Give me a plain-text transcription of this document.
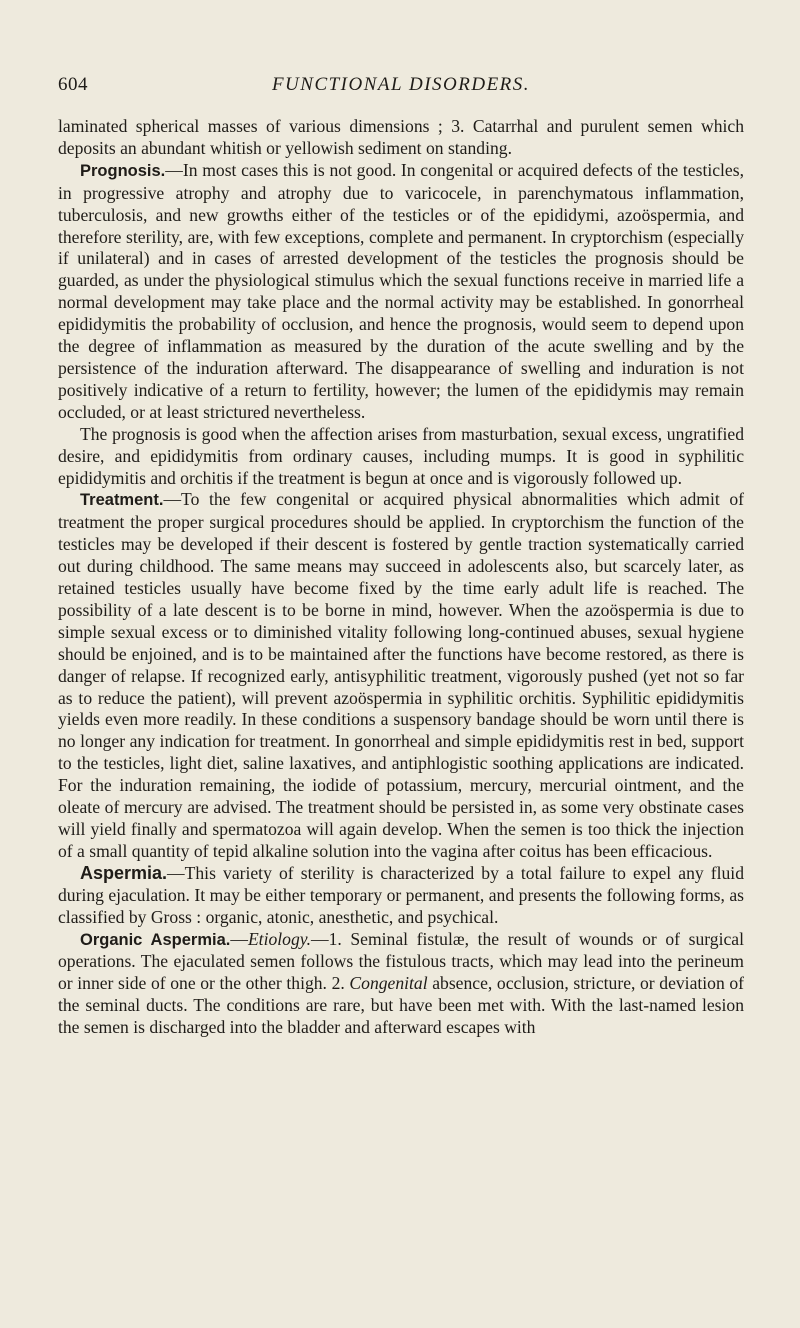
604	FUNCTIONAL DISORDERS.

laminated spherical masses of various dimensions ; 3. Catarrhal and purulent semen which deposits an abundant whitish or yellowish sediment on standing.

Prognosis.—In most cases this is not good. In congenital or acquired defects of the testicles, in progressive atrophy and atrophy due to varicocele, in parenchymatous inflammation, tuberculosis, and new growths either of the testicles or of the epididymi, azoöspermia, and therefore sterility, are, with few exceptions, complete and permanent. In cryptorchism (especially if unilateral) and in cases of arrested development of the testicles the prognosis should be guarded, as under the physiological stimulus which the sexual functions receive in married life a normal development may take place and the normal activity may be established. In gonorrheal epididymitis the probability of occlusion, and hence the prognosis, would seem to depend upon the degree of inflammation as measured by the duration of the acute swelling and by the persistence of the induration afterward. The disappearance of swelling and induration is not positively indicative of a return to fertility, however; the lumen of the epididymis may remain occluded, or at least strictured nevertheless.

The prognosis is good when the affection arises from masturbation, sexual excess, ungratified desire, and epididymitis from ordinary causes, including mumps. It is good in syphilitic epididymitis and orchitis if the treatment is begun at once and is vigorously followed up.

Treatment.—To the few congenital or acquired physical abnormalities which admit of treatment the proper surgical procedures should be applied. In cryptorchism the function of the testicles may be developed if their descent is fostered by gentle traction systematically carried out during childhood. The same means may succeed in adolescents also, but scarcely later, as retained testicles usually have become fixed by the time early adult life is reached. The possibility of a late descent is to be borne in mind, however. When the azoöspermia is due to simple sexual excess or to diminished vitality following long-continued abuses, sexual hygiene should be enjoined, and is to be maintained after the functions have become restored, as there is danger of relapse. If recognized early, antisyphilitic treatment, vigorously pushed (yet not so far as to reduce the patient), will prevent azoöspermia in syphilitic orchitis. Syphilitic epididymitis yields even more readily. In these conditions a suspensory bandage should be worn until there is no longer any indication for treatment. In gonorrheal and simple epididymitis rest in bed, support to the testicles, light diet, saline laxatives, and antiphlogistic soothing applications are indicated. For the induration remaining, the iodide of potassium, mercury, mercurial ointment, and the oleate of mercury are advised. The treatment should be persisted in, as some very obstinate cases will yield finally and spermatozoa will again develop. When the semen is too thick the injection of a small quantity of tepid alkaline solution into the vagina after coitus has been efficacious.

Aspermia.—This variety of sterility is characterized by a total failure to expel any fluid during ejaculation. It may be either temporary or permanent, and presents the following forms, as classified by Gross : organic, atonic, anesthetic, and psychical.

Organic Aspermia.—Etiology.—1. Seminal fistulæ, the result of wounds or of surgical operations. The ejaculated semen follows the fistulous tracts, which may lead into the perineum or inner side of one or the other thigh. 2. Congenital absence, occlusion, stricture, or deviation of the seminal ducts. The conditions are rare, but have been met with. With the last-named lesion the semen is discharged into the bladder and afterward escapes with
